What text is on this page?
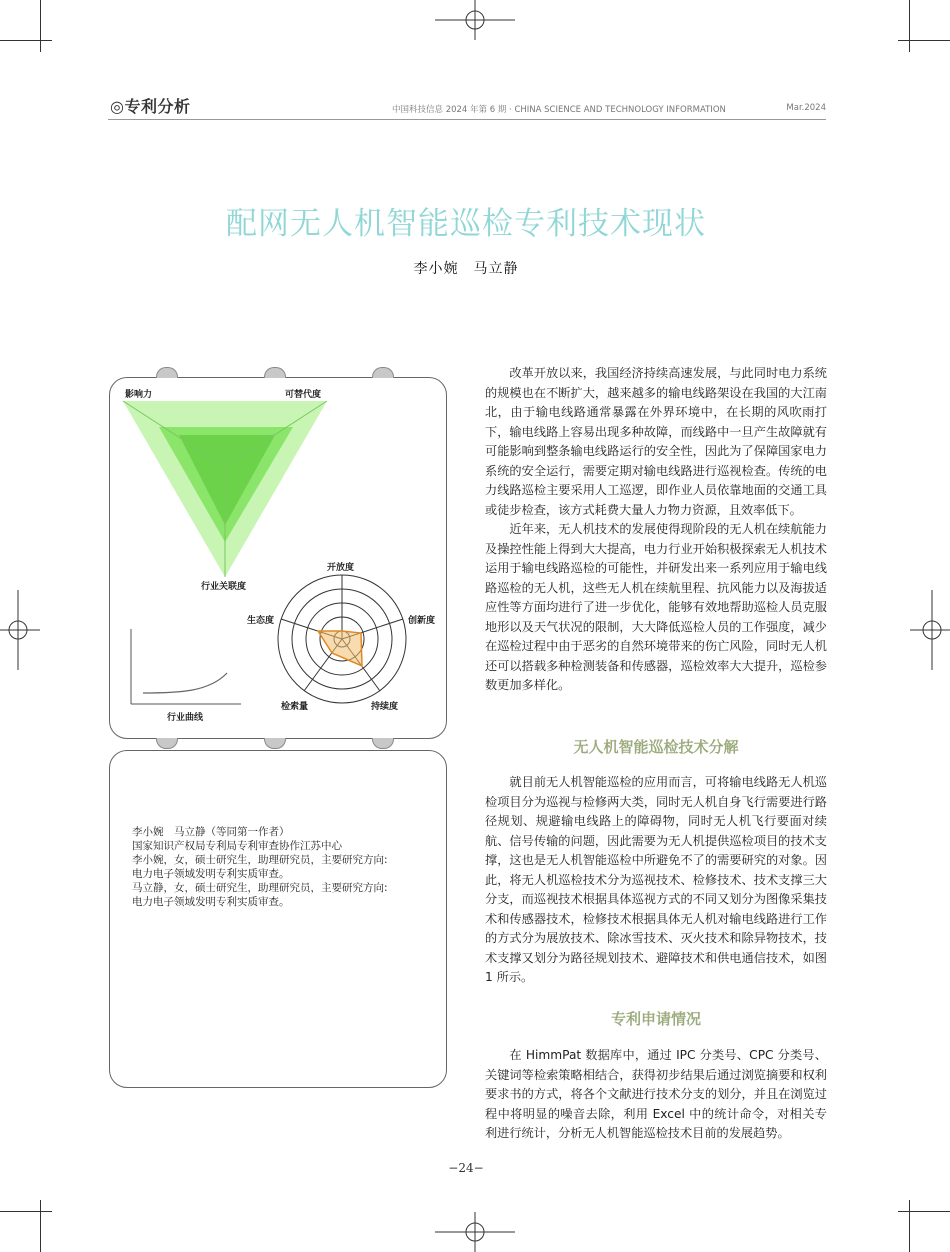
◎专利分析	中国科技信息 2024 年第 6 期 · CHINA SCIENCE AND TECHNOLOGY INFORMATION	Mar.2024
配网无人机智能巡检专利技术现状
李小婉　马立静
影响力	可替代度
行业关联度
开放度
创新度
持续度
检索量
生态度
行业曲线
李小婉　马立静（等同第一作者）
国家知识产权局专利局专利审查协作江苏中心
李小婉，女，硕士研究生，助理研究员，主要研究方向:
电力电子领域发明专利实质审查。
马立静，女，硕士研究生，助理研究员，主要研究方向:
电力电子领域发明专利实质审查。

改革开放以来，我国经济持续高速发展，与此同时电力系统的规模也在不断扩大，越来越多的输电线路架设在我国的大江南北，由于输电线路通常暴露在外界环境中，在长期的风吹雨打下，输电线路上容易出现多种故障，而线路中一旦产生故障就有可能影响到整条输电线路运行的安全性，因此为了保障国家电力系统的安全运行，需要定期对输电线路进行巡视检查。传统的电力线路巡检主要采用人工巡逻，即作业人员依靠地面的交通工具或徒步检查，该方式耗费大量人力物力资源，且效率低下。

近年来，无人机技术的发展使得现阶段的无人机在续航能力及操控性能上得到大大提高，电力行业开始积极探索无人机技术运用于输电线路巡检的可能性，并研发出来一系列应用于输电线路巡检的无人机，这些无人机在续航里程、抗风能力以及海拔适应性等方面均进行了进一步优化，能够有效地帮助巡检人员克服地形以及天气状况的限制，大大降低巡检人员的工作强度，减少在巡检过程中由于恶劣的自然环境带来的伤亡风险，同时无人机还可以搭载多种检测装备和传感器，巡检效率大大提升，巡检参数更加多样化。

无人机智能巡检技术分解

就目前无人机智能巡检的应用而言，可将输电线路无人机巡检项目分为巡视与检修两大类，同时无人机自身飞行需要进行路径规划、规避输电线路上的障碍物，同时无人机飞行要面对续航、信号传输的问题，因此需要为无人机提供巡检项目的技术支撑，这也是无人机智能巡检中所避免不了的需要研究的对象。因此，将无人机巡检技术分为巡视技术、检修技术、技术支撑三大分支，而巡视技术根据具体巡视方式的不同又划分为图像采集技术和传感器技术，检修技术根据具体无人机对输电线路进行工作的方式分为展放技术、除冰雪技术、灭火技术和除异物技术，技术支撑又划分为路径规划技术、避障技术和供电通信技术，如图 1 所示。

专利申请情况

在 HimmPat 数据库中，通过 IPC 分类号、CPC 分类号、关键词等检索策略相结合，获得初步结果后通过浏览摘要和权利要求书的方式，将各个文献进行技术分支的划分，并且在浏览过程中将明显的噪音去除，利用 Excel 中的统计命令，对相关专利进行统计，分析无人机智能巡检技术目前的发展趋势。

−24−
